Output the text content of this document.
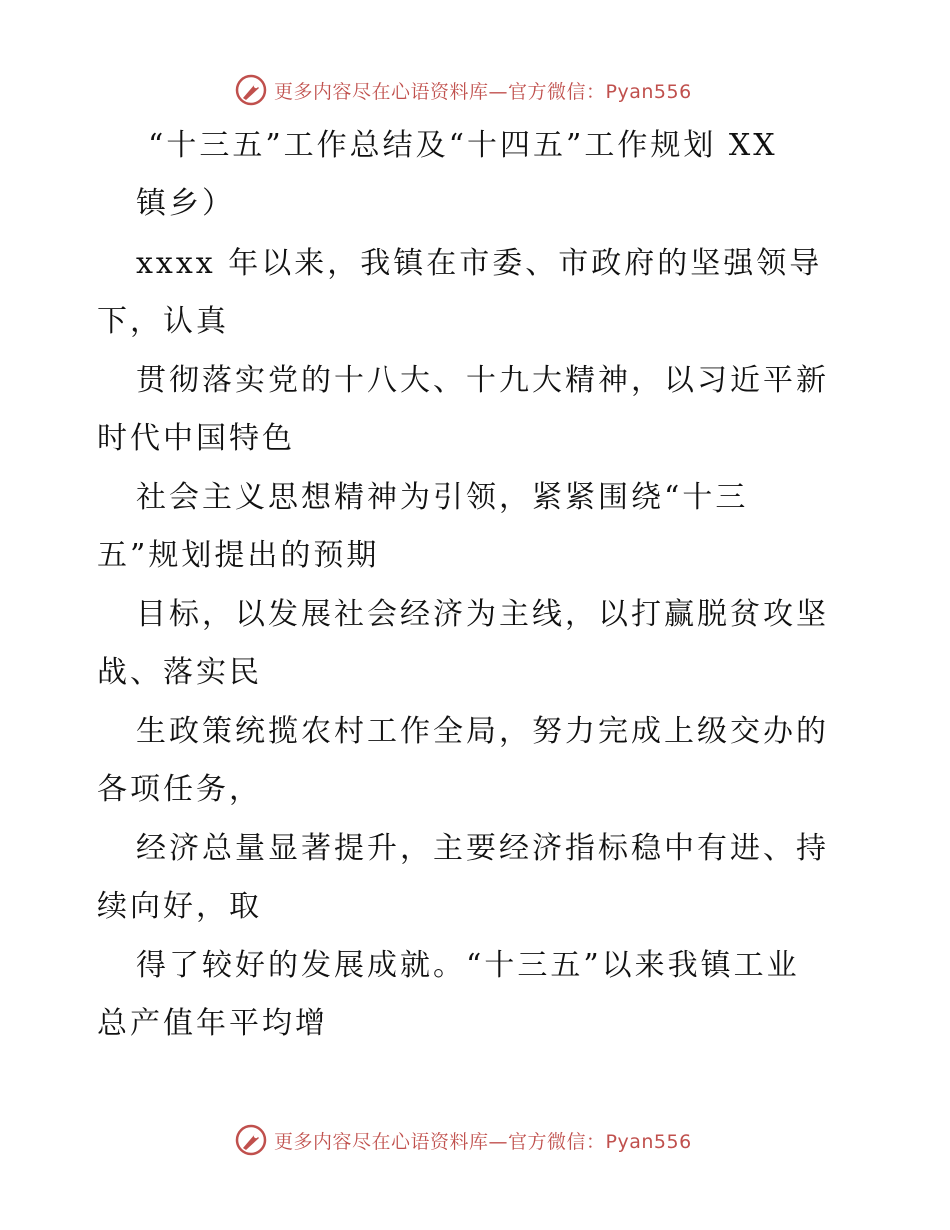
更多内容尽在心语资料库—官方微信：Pyan556
“十三五”工作总结及“十四五”工作规划 XX
镇乡）
xxxx 年以来，我镇在市委、市政府的坚强领导
下，认真
贯彻落实党的十八大、十九大精神，以习近平新
时代中国特色
社会主义思想精神为引领，紧紧围绕“十三
五”规划提出的预期
目标，以发展社会经济为主线，以打赢脱贫攻坚
战、落实民
生政策统揽农村工作全局，努力完成上级交办的
各项任务，
经济总量显著提升，主要经济指标稳中有进、持
续向好，取
得了较好的发展成就。“十三五”以来我镇工业
总产值年平均增
更多内容尽在心语资料库—官方微信：Pyan556
